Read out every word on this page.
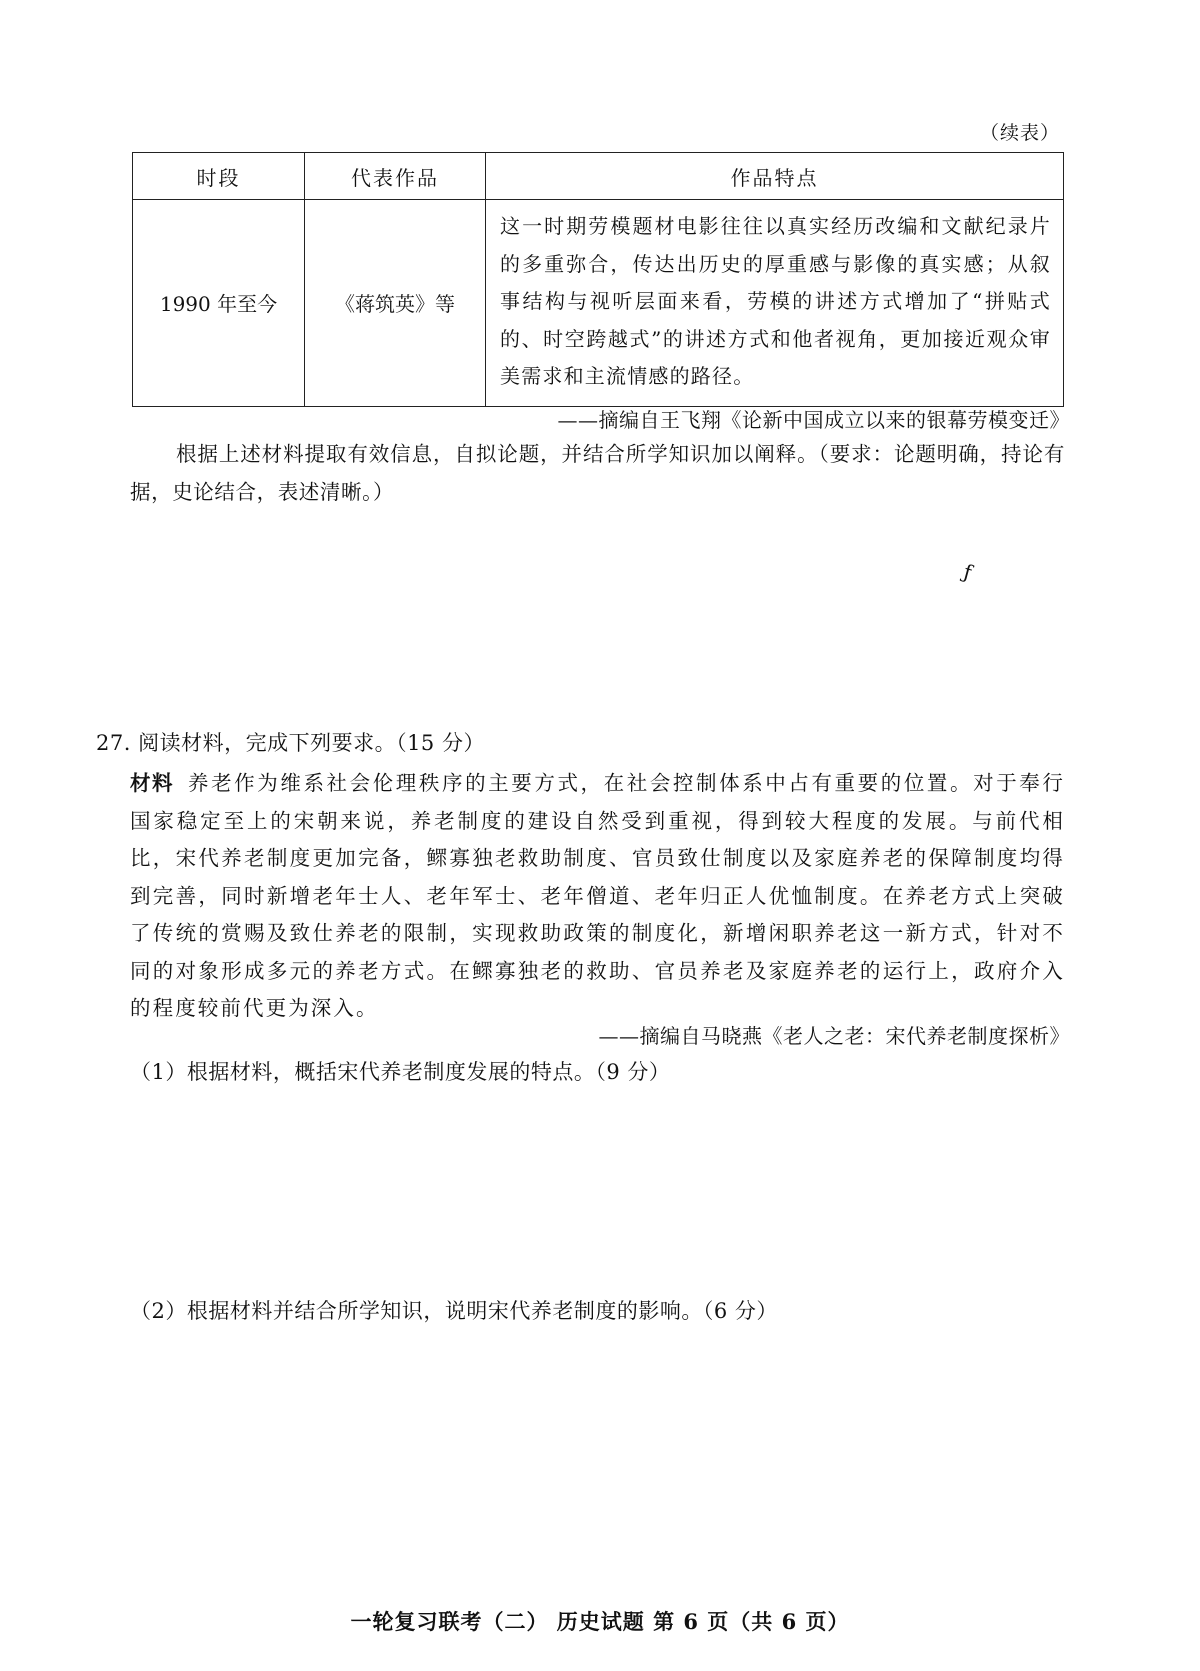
（续表）
时段	代表作品	作品特点
1990 年至今	《蒋筑英》等	这一时期劳模题材电影往往以真实经历改编和文献纪录片的多重弥合，传达出历史的厚重感与影像的真实感；从叙事结构与视听层面来看，劳模的讲述方式增加了“拼贴式的、时空跨越式”的讲述方式和他者视角，更加接近观众审美需求和主流情感的路径。
——摘编自王飞翔《论新中国成立以来的银幕劳模变迁》
根据上述材料提取有效信息，自拟论题，并结合所学知识加以阐释。（要求：论题明确，持论有据，史论结合，表述清晰。）
ƒ
27. 阅读材料，完成下列要求。（15 分）
材料 养老作为维系社会伦理秩序的主要方式，在社会控制体系中占有重要的位置。对于奉行国家稳定至上的宋朝来说，养老制度的建设自然受到重视，得到较大程度的发展。与前代相比，宋代养老制度更加完备，鳏寡独老救助制度、官员致仕制度以及家庭养老的保障制度均得到完善，同时新增老年士人、老年军士、老年僧道、老年归正人优恤制度。在养老方式上突破了传统的赏赐及致仕养老的限制，实现救助政策的制度化，新增闲职养老这一新方式，针对不同的对象形成多元的养老方式。在鳏寡独老的救助、官员养老及家庭养老的运行上，政府介入的程度较前代更为深入。
——摘编自马晓燕《老人之老：宋代养老制度探析》
（1）根据材料，概括宋代养老制度发展的特点。（9 分）
（2）根据材料并结合所学知识，说明宋代养老制度的影响。（6 分）
一轮复习联考（二） 历史试题 第 6 页（共 6 页）
